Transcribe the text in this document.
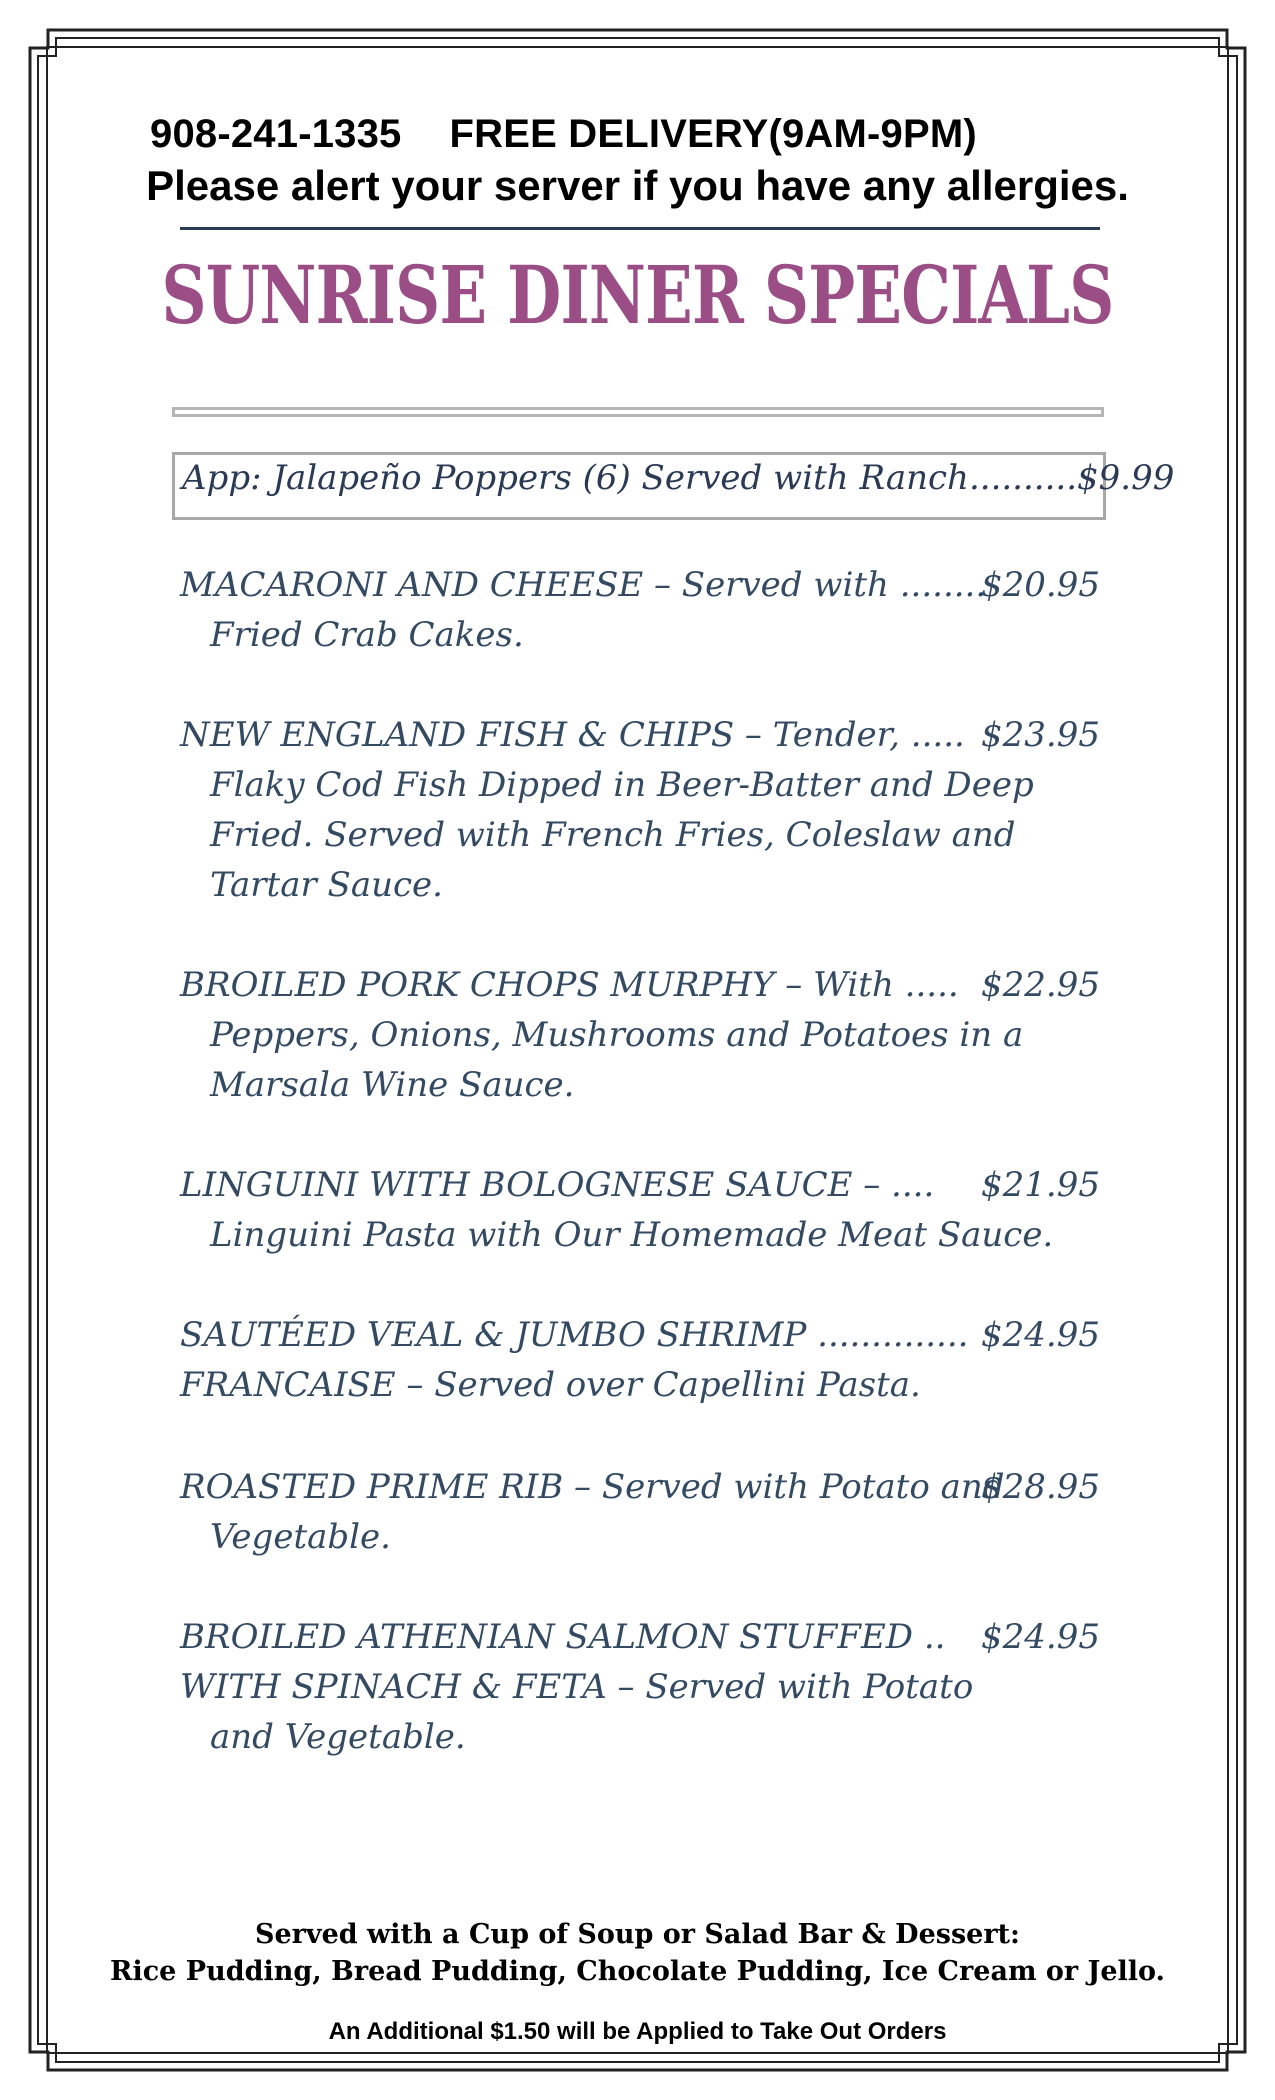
908-241-1335 FREE DELIVERY(9AM-9PM)
Please alert your server if you have any allergies.
SUNRISE DINER SPECIALS
App: Jalapeño Poppers (6) Served with Ranch..........$9.99
MACARONI AND CHEESE – Served with ........
$20.95
Fried Crab Cakes.
NEW ENGLAND FISH & CHIPS – Tender, ..... $23.95
Flaky Cod Fish Dipped in Beer-Batter and Deep
Fried. Served with French Fries, Coleslaw and
Tartar Sauce.
BROILED PORK CHOPS MURPHY – With ..... $22.95
Peppers, Onions, Mushrooms and Potatoes in a
Marsala Wine Sauce.
LINGUINI WITH BOLOGNESE SAUCE – .... $21.95
Linguini Pasta with Our Homemade Meat Sauce.
SAUTÉED VEAL & JUMBO SHRIMP .............. $24.95
FRANCAISE – Served over Capellini Pasta.
ROASTED PRIME RIB – Served with Potato and
$28.95
Vegetable.
BROILED ATHENIAN SALMON STUFFED .. $24.95
WITH SPINACH & FETA – Served with Potato
and Vegetable.
Served with a Cup of Soup or Salad Bar & Dessert:
Rice Pudding, Bread Pudding, Chocolate Pudding, Ice Cream or Jello.
An Additional $1.50 will be Applied to Take Out Orders
